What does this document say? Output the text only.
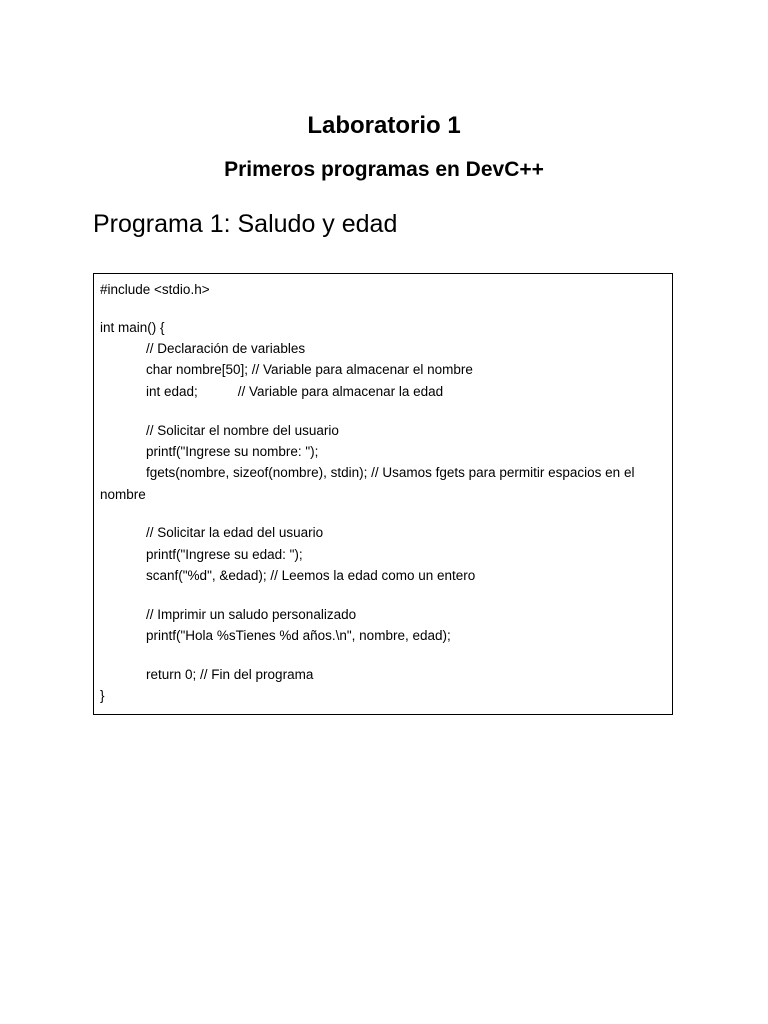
Laboratorio 1
Primeros programas en DevC++
Programa 1: Saludo y edad
#include <stdio.h>
int main() {
// Declaración de variables
char nombre[50]; // Variable para almacenar el nombre
int edad;	// Variable para almacenar la edad
// Solicitar el nombre del usuario
printf("Ingrese su nombre: ");
fgets(nombre, sizeof(nombre), stdin); // Usamos fgets para permitir espacios en el
nombre
// Solicitar la edad del usuario
printf("Ingrese su edad: ");
scanf("%d", &edad); // Leemos la edad como un entero
// Imprimir un saludo personalizado
printf("Hola %sTienes %d años.\n", nombre, edad);
return 0; // Fin del programa
}
